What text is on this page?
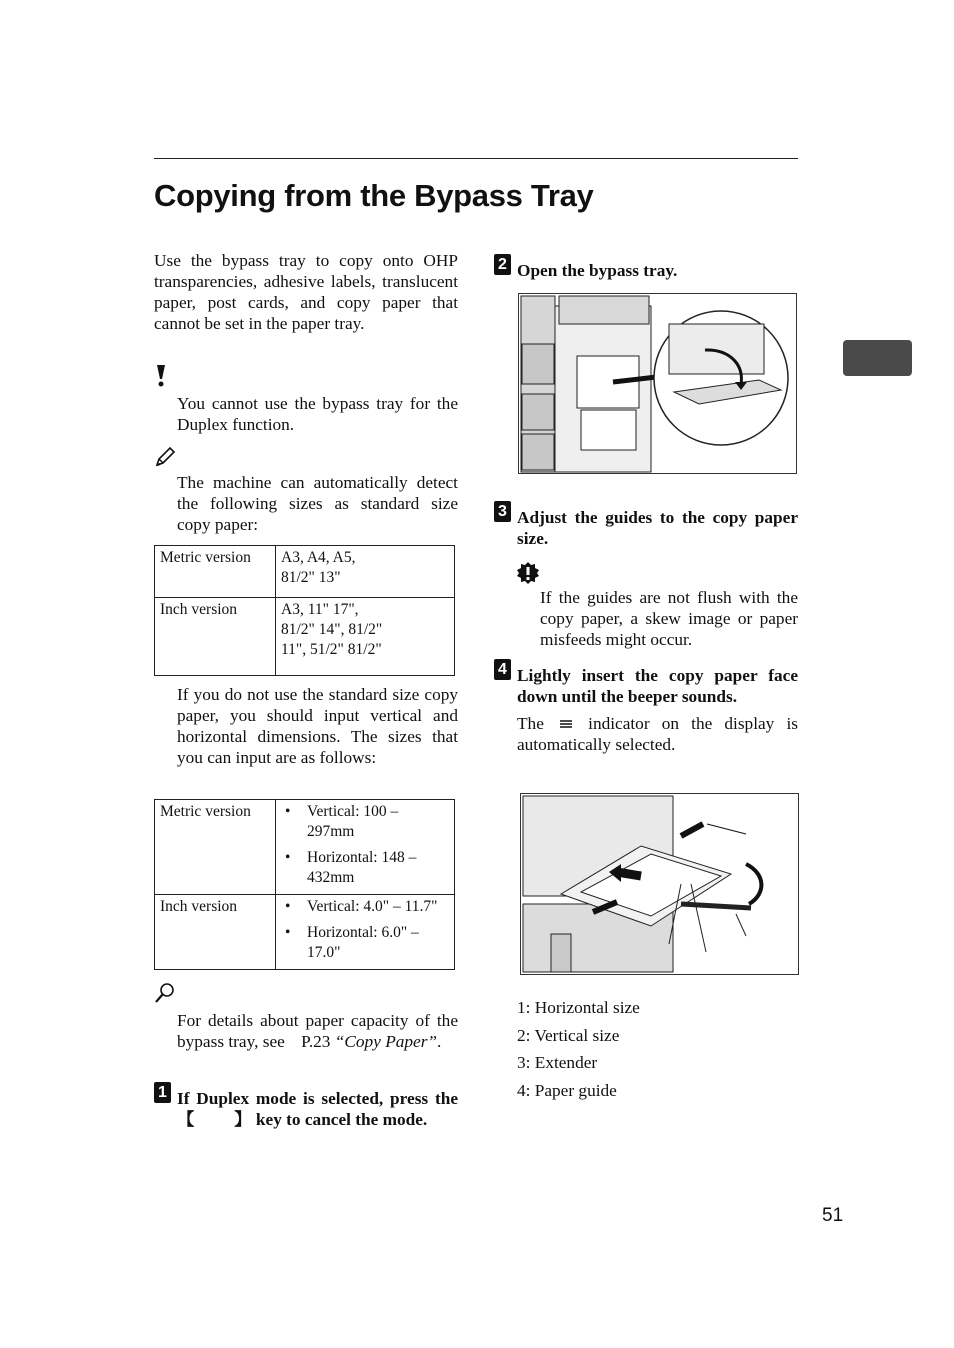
Copying from the Bypass Tray
Use the bypass tray to copy onto OHP transparencies, adhesive labels, translucent paper, post cards, and copy paper that cannot be set in the paper tray.
You cannot use the bypass tray for the Duplex function.
The machine can automatically detect the following sizes as standard size copy paper:
Metric version	A3, A4, A5,
81/2" 13"

Inch version	A3, 11" 17",
81/2" 14", 81/2"
11", 51/2" 81/2"
If you do not use the standard size copy paper, you should input vertical and horizontal dimensions. The sizes that you can input are as follows:
Metric version	• Vertical: 100 – 297mm
• Horizontal: 148 – 432mm

Inch version	• Vertical: 4.0" – 11.7"
• Horizontal: 6.0" – 17.0"
For details about paper capacity of the bypass tray, see P.23 “Copy Paper”.
1 If Duplex mode is selected, press the 【 】 key to cancel the mode.
2 Open the bypass tray.
3 Adjust the guides to the copy paper size.
If the guides are not flush with the copy paper, a skew image or paper misfeeds might occur.
4 Lightly insert the copy paper face down until the beeper sounds.
The	indicator on the display is automatically selected.
1: Horizontal size
2: Vertical size
3: Extender
4: Paper guide
51
